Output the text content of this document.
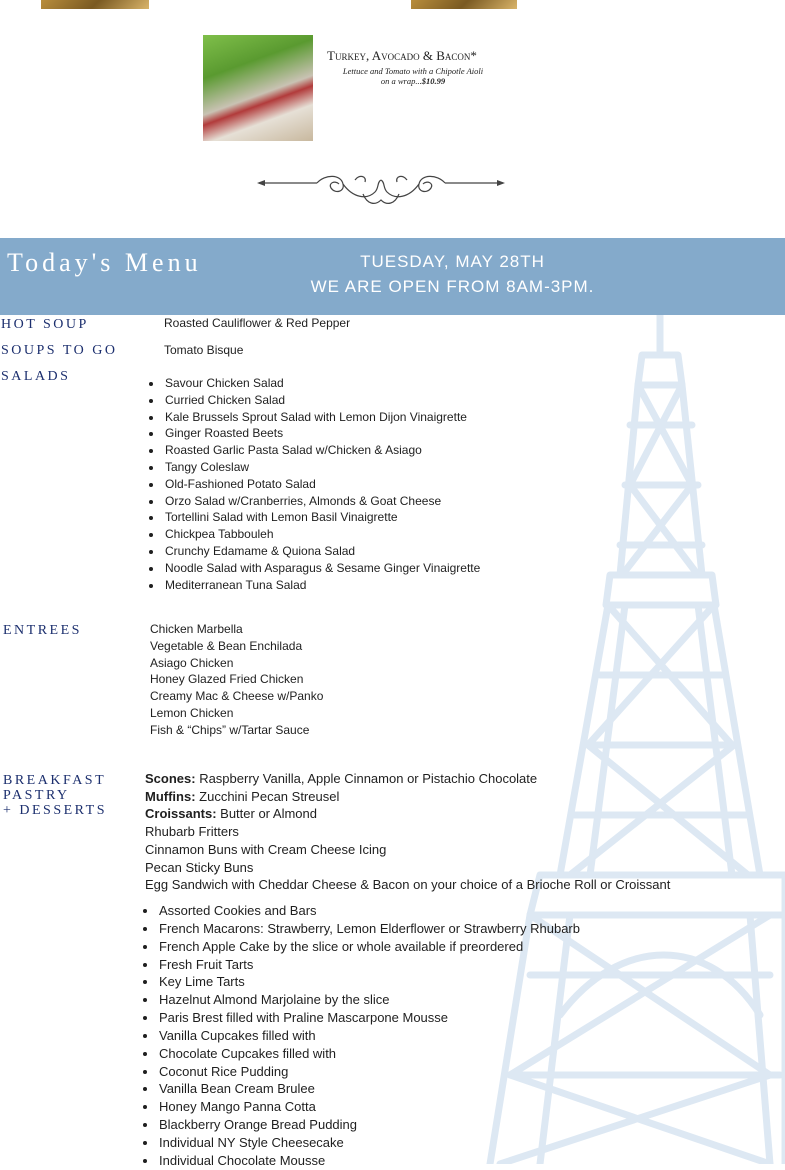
Turkey, Avocado & Bacon*
Lettuce and Tomato with a Chipotle Aioli
on a wrap...$10.99
Today's Menu	TUESDAY, MAY 28TH
WE ARE OPEN FROM 8AM-3PM.
HOT SOUP	Roasted Cauliflower & Red Pepper
SOUPS TO GO	Tomato Bisque
SALADS	Savour Chicken Salad
Curried Chicken Salad
Kale Brussels Sprout Salad with Lemon Dijon Vinaigrette
Ginger Roasted Beets
Roasted Garlic Pasta Salad w/Chicken & Asiago
Tangy Coleslaw
Old-Fashioned Potato Salad
Orzo Salad w/Cranberries, Almonds & Goat Cheese
Tortellini Salad with Lemon Basil Vinaigrette
Chickpea Tabbouleh
Crunchy Edamame & Quiona Salad
Noodle Salad with Asparagus & Sesame Ginger Vinaigrette
Mediterranean Tuna Salad
ENTREES	Chicken Marbella
Vegetable & Bean Enchilada
Asiago Chicken
Honey Glazed Fried Chicken
Creamy Mac & Cheese w/Panko
Lemon Chicken
Fish & “Chips” w/Tartar Sauce
BREAKFAST
PASTRY
+ DESSERTS
Scones: Raspberry Vanilla, Apple Cinnamon or Pistachio Chocolate
Muffins: Zucchini Pecan Streusel
Croissants: Butter or Almond
Rhubarb Fritters
Cinnamon Buns with Cream Cheese Icing
Pecan Sticky Buns
Egg Sandwich with Cheddar Cheese & Bacon on your choice of a Brioche Roll or Croissant
Assorted Cookies and Bars
French Macarons: Strawberry, Lemon Elderflower or Strawberry Rhubarb
French Apple Cake by the slice or whole available if preordered
Fresh Fruit Tarts
Key Lime Tarts
Hazelnut Almond Marjolaine by the slice
Paris Brest filled with Praline Mascarpone Mousse
Vanilla Cupcakes filled with
Chocolate Cupcakes filled with
Coconut Rice Pudding
Vanilla Bean Cream Brulee
Honey Mango Panna Cotta
Blackberry Orange Bread Pudding
Individual NY Style Cheesecake
Individual Chocolate Mousse
